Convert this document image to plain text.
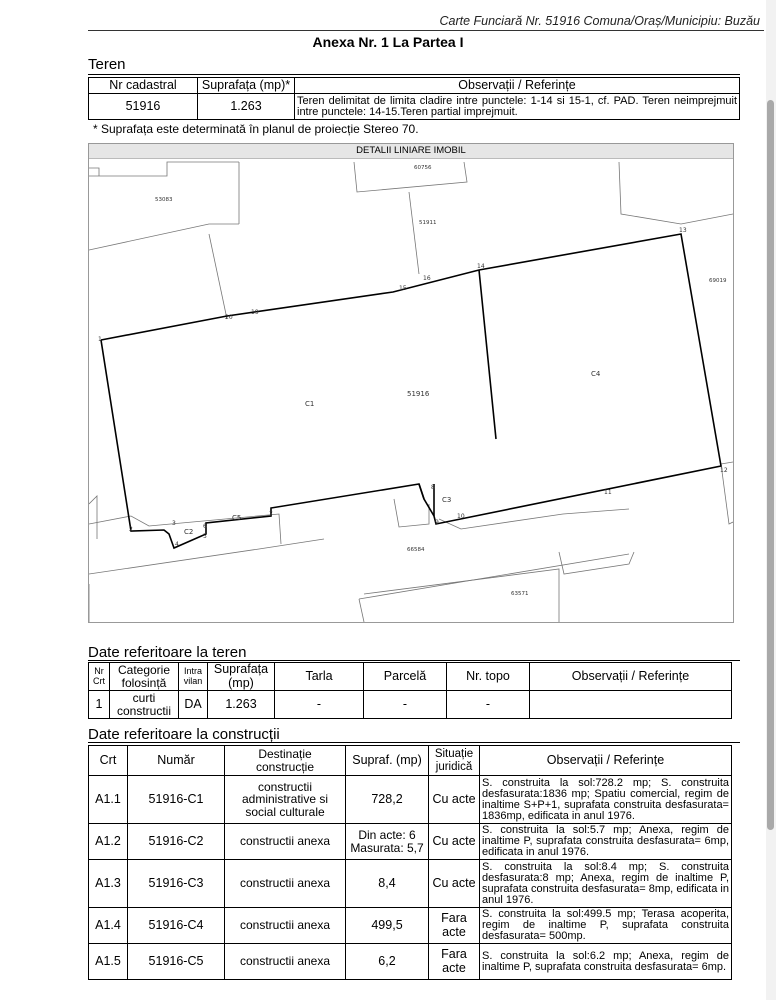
Carte Funciară Nr. 51916 Comuna/Oraș/Municipiu: Buzău
Anexa Nr. 1 La Partea I
Teren
Nr cadastral	Suprafața (mp)*	Observații / Referințe
51916	1.263	Teren delimitat de limita cladire intre punctele: 1-14 si 15-1, cf. PAD. Teren neimprejmuit intre punctele: 14-15.Teren partial imprejmuit.
* Suprafața este determinată în planul de proiecție Stereo 70.
DETALII LINIARE IMOBIL
1
2
3
4
5
6
7
8
9
10
11
12
13
14
15
16
19
20
51916
C1
C2
C3
C4
C5
60756
53083
51911
69019
66584
63571
Date referitoare la teren
Nr Crt	Categorie folosință	Intra vilan	Suprafața (mp)	Tarla	Parcelă	Nr. topo	Observații / Referințe
1	curti constructii	DA	1.263	-	-	-	
Date referitoare la construcții
Crt	Număr	Destinație construcție	Supraf. (mp)	Situație juridică	Observații / Referințe
A1.1	51916-C1	constructii administrative si social culturale	728,2	Cu acte	S. construita la sol:728.2 mp; S. construita desfasurata:1836 mp; Spatiu comercial, regim de inaltime S+P+1, suprafata construita desfasurata= 1836mp, edificata in anul 1976.
A1.2	51916-C2	constructii anexa	Din acte: 6 Masurata: 5,7	Cu acte	S. construita la sol:5.7 mp; Anexa, regim de inaltime P, suprafata construita desfasurata= 6mp, edificata in anul 1976.
A1.3	51916-C3	constructii anexa	8,4	Cu acte	S. construita la sol:8.4 mp; S. construita desfasurata:8 mp; Anexa, regim de inaltime P, suprafata construita desfasurata= 8mp, edificata in anul 1976.
A1.4	51916-C4	constructii anexa	499,5	Fara acte	S. construita la sol:499.5 mp; Terasa acoperita, regim de inaltime P, suprafata construita desfasurata= 500mp.
A1.5	51916-C5	constructii anexa	6,2	Fara acte	S. construita la sol:6.2 mp; Anexa, regim de inaltime P, suprafata construita desfasurata= 6mp.
